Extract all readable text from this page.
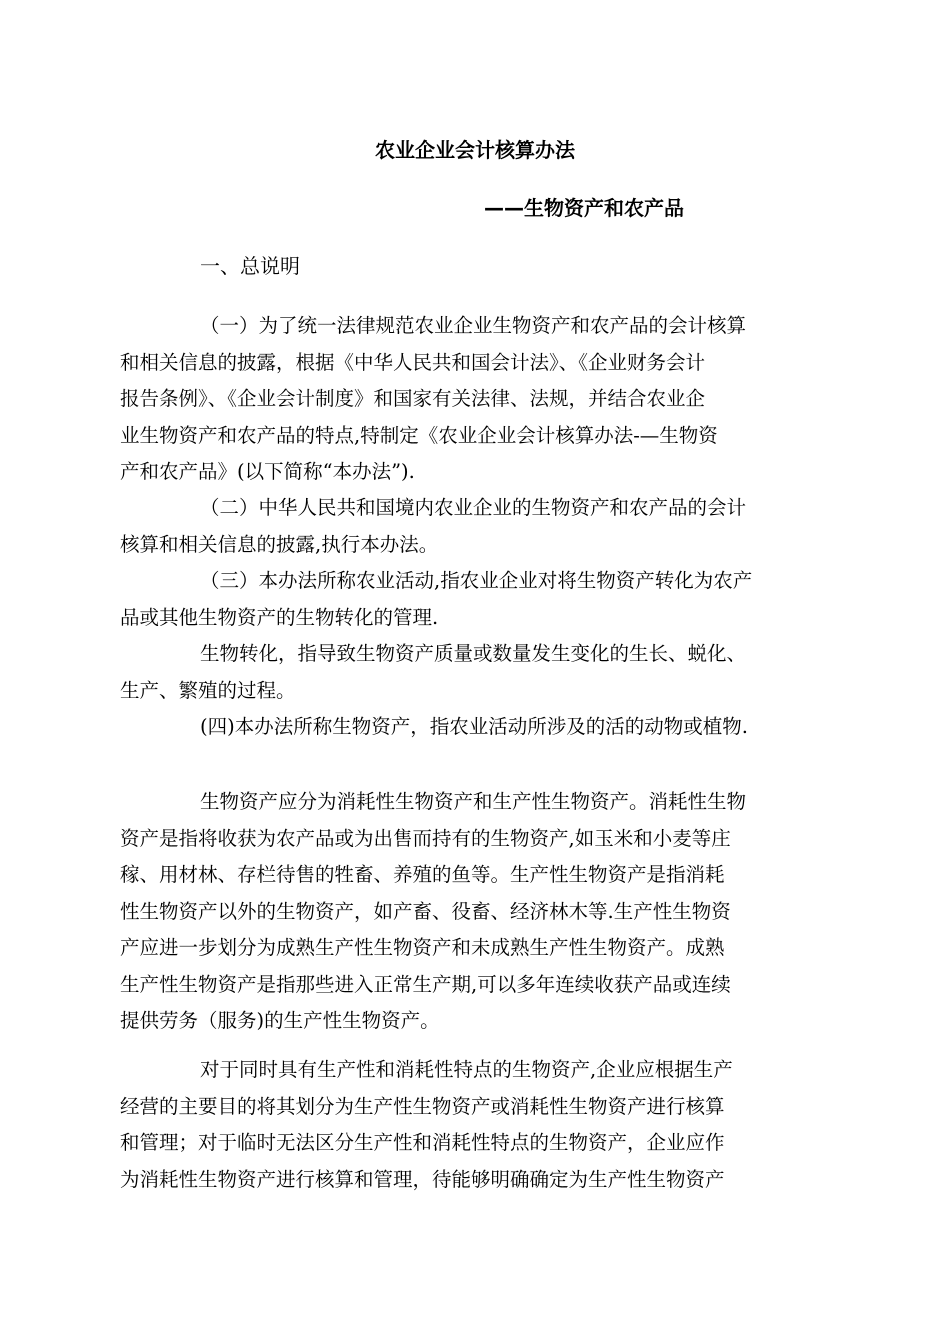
农业企业会计核算办法
——生物资产和农产品
一、总说明
（一）为了统一法律规范农业企业生物资产和农产品的会计核算
和相关信息的披露，根据《中华人民共和国会计法》、《企业财务会计
报告条例》、《企业会计制度》和国家有关法律、法规，并结合农业企
业生物资产和农产品的特点,特制定《农业企业会计核算办法-—生物资
产和农产品》(以下简称“本办法”).
（二）中华人民共和国境内农业企业的生物资产和农产品的会计
核算和相关信息的披露,执行本办法。
（三）本办法所称农业活动,指农业企业对将生物资产转化为农产
品或其他生物资产的生物转化的管理.
生物转化，指导致生物资产质量或数量发生变化的生长、蜕化、
生产、繁殖的过程。
(四)本办法所称生物资产，指农业活动所涉及的活的动物或植物.
生物资产应分为消耗性生物资产和生产性生物资产。消耗性生物
资产是指将收获为农产品或为出售而持有的生物资产,如玉米和小麦等庄
稼、用材林、存栏待售的牲畜、养殖的鱼等。生产性生物资产是指消耗
性生物资产以外的生物资产，如产畜、役畜、经济林木等.生产性生物资
产应进一步划分为成熟生产性生物资产和未成熟生产性生物资产。成熟
生产性生物资产是指那些进入正常生产期,可以多年连续收获产品或连续
提供劳务（服务)的生产性生物资产。
对于同时具有生产性和消耗性特点的生物资产,企业应根据生产
经营的主要目的将其划分为生产性生物资产或消耗性生物资产进行核算
和管理；对于临时无法区分生产性和消耗性特点的生物资产，企业应作
为消耗性生物资产进行核算和管理，待能够明确确定为生产性生物资产
